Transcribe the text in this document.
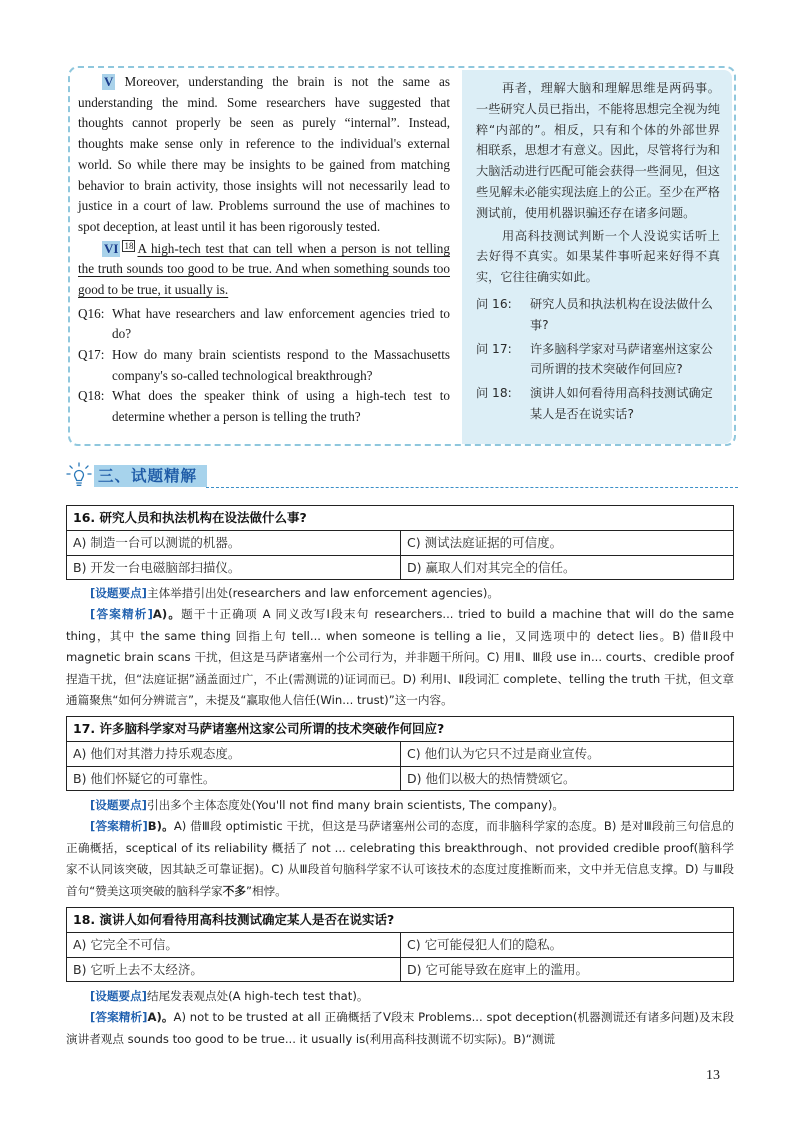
V Moreover, understanding the brain is not the same as understanding the mind. Some researchers have suggested that thoughts cannot properly be seen as purely “internal”. Instead, thoughts make sense only in reference to the individual's external world. So while there may be insights to be gained from matching behavior to brain activity, those insights will not necessarily lead to justice in a court of law. Problems surround the use of machines to spot deception, at least until it has been rigorously tested.

VI 18 A high-tech test that can tell when a person is not telling the truth sounds too good to be true. And when something sounds too good to be true, it usually is.

Q16: What have researchers and law enforcement agencies tried to do?
Q17: How do many brain scientists respond to the Massachusetts company's so-called technological breakthrough?
Q18: What does the speaker think of using a high-tech test to determine whether a person is telling the truth?

再者，理解大脑和理解思维是两码事。一些研究人员已指出，不能将思想完全视为纯粹“内部的”。相反，只有和个体的外部世界相联系，思想才有意义。因此，尽管将行为和大脑活动进行匹配可能会获得一些洞见，但这些见解未必能实现法庭上的公正。至少在严格测试前，使用机器识骗还存在诸多问题。

用高科技测试判断一个人没说实话听上去好得不真实。如果某件事听起来好得不真实，它往往确实如此。

问 16:	研究人员和执法机构在设法做什么事?
问 17:	许多脑科学家对马萨诸塞州这家公司所谓的技术突破作何回应?
问 18:	演讲人如何看待用高科技测试确定某人是否在说实话?
三、试题精解
16. 研究人员和执法机构在设法做什么事?
A) 制造一台可以测谎的机器。	C) 测试法庭证据的可信度。
B) 开发一台电磁脑部扫描仪。	D) 赢取人们对其完全的信任。

[设题要点]主体举措引出处(researchers and law enforcement agencies)。

[答案精析]A)。题干十正确项 A 同义改写Ⅰ段末句 researchers... tried to build a machine that will do the same thing，其中 the same thing 回指上句 tell... when someone is telling a lie，又同选项中的 detect lies。B) 借Ⅱ段中 magnetic brain scans 干扰，但这是马萨诸塞州一个公司行为，并非题干所问。C) 用Ⅱ、Ⅲ段 use in... courts、credible proof 捏造干扰，但“法庭证据”涵盖面过广，不止(需测谎的)证词而已。D) 利用Ⅰ、Ⅱ段词汇 complete、telling the truth 干扰，但文章通篇聚焦“如何分辨谎言”，未提及“赢取他人信任(Win... trust)”这一内容。

17. 许多脑科学家对马萨诸塞州这家公司所谓的技术突破作何回应?
A) 他们对其潜力持乐观态度。	C) 他们认为它只不过是商业宣传。
B) 他们怀疑它的可靠性。	D) 他们以极大的热情赞颂它。

[设题要点]引出多个主体态度处(You'll not find many brain scientists, The company)。

[答案精析]B)。A) 借Ⅲ段 optimistic 干扰，但这是马萨诸塞州公司的态度，而非脑科学家的态度。B) 是对Ⅲ段前三句信息的正确概括，sceptical of its reliability 概括了 not ... celebrating this breakthrough、not provided credible proof(脑科学家不认同该突破，因其缺乏可靠证据)。C) 从Ⅲ段首句脑科学家不认可该技术的态度过度推断而来，文中并无信息支撑。D) 与Ⅲ段首句“赞美这项突破的脑科学家不多”相悖。

18. 演讲人如何看待用高科技测试确定某人是否在说实话?
A) 它完全不可信。	C) 它可能侵犯人们的隐私。
B) 它听上去不太经济。	D) 它可能导致在庭审上的滥用。

[设题要点]结尾发表观点处(A high-tech test that)。

[答案精析]A)。A) not to be trusted at all 正确概括了Ⅴ段末 Problems... spot deception(机器测谎还有诸多问题)及末段演讲者观点 sounds too good to be true... it usually is(利用高科技测谎不切实际)。B)“测谎

13
